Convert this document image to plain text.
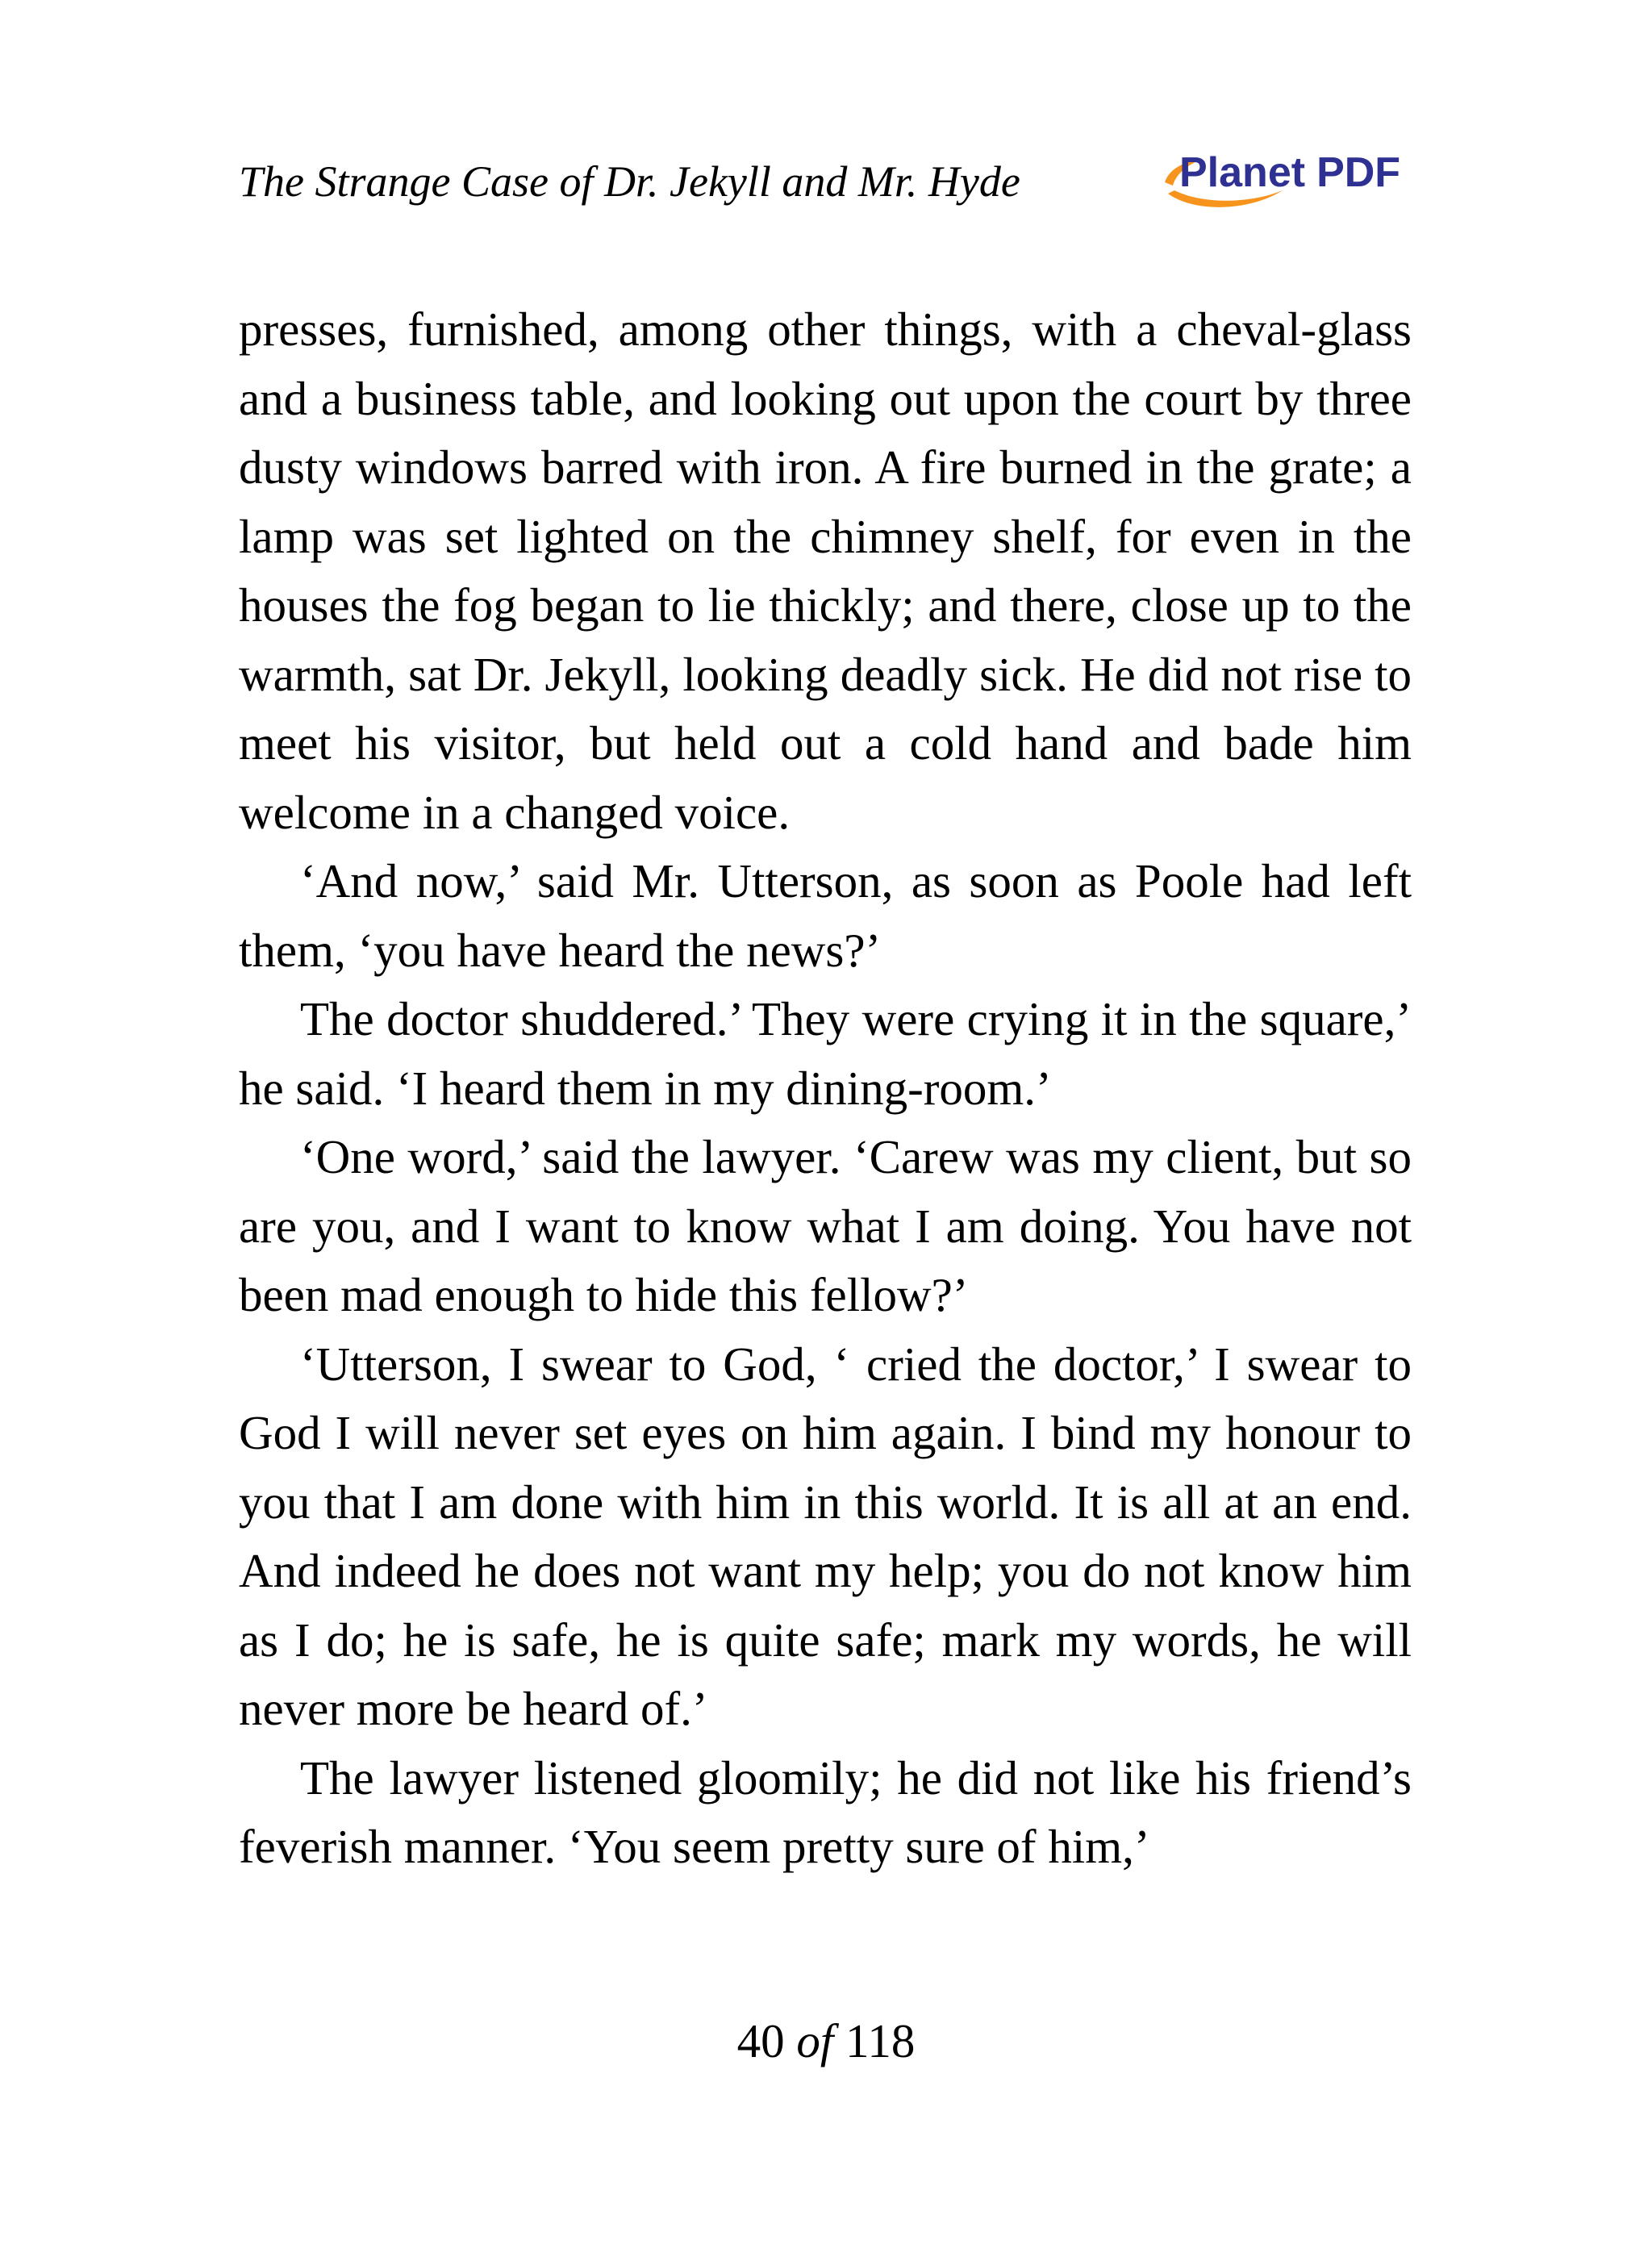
The Strange Case of Dr. Jekyll and Mr. Hyde	Planet PDF

presses, furnished, among other things, with a cheval-glass and a business table, and looking out upon the court by three dusty windows barred with iron. A fire burned in the grate; a lamp was set lighted on the chimney shelf, for even in the houses the fog began to lie thickly; and there, close up to the warmth, sat Dr. Jekyll, looking deadly sick. He did not rise to meet his visitor, but held out a cold hand and bade him welcome in a changed voice.

‘And now,’ said Mr. Utterson, as soon as Poole had left them, ‘you have heard the news?’

The doctor shuddered.’ They were crying it in the square,’ he said. ‘I heard them in my dining-room.’

‘One word,’ said the lawyer. ‘Carew was my client, but so are you, and I want to know what I am doing. You have not been mad enough to hide this fellow?’

‘Utterson, I swear to God, ‘ cried the doctor,’ I swear to God I will never set eyes on him again. I bind my honour to you that I am done with him in this world. It is all at an end. And indeed he does not want my help; you do not know him as I do; he is safe, he is quite safe; mark my words, he will never more be heard of.’

The lawyer listened gloomily; he did not like his friend’s feverish manner. ‘You seem pretty sure of him,’

40 of 118
